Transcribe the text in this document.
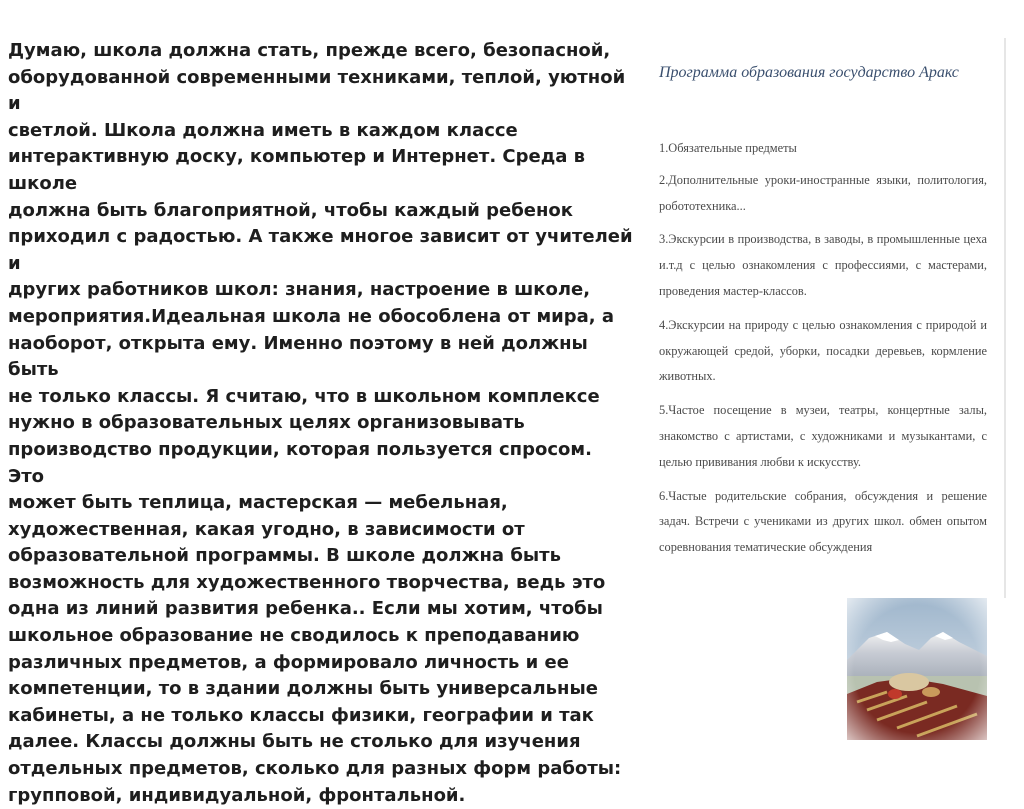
Думаю, школа должна стать, прежде всего, безопасной,
оборудованной современными техниками, теплой, уютной и
светлой. Школа должна иметь в каждом классе
интерактивную доску, компьютер и Интернет. Среда в школе
должна быть благоприятной, чтобы каждый ребенок
приходил с радостью. А также многое зависит от учителей и
других работников школ: знания, настроение в школе,
мероприятия.Идеальная школа не обособлена от мира, а
наоборот, открыта ему. Именно поэтому в ней должны быть
не только классы. Я считаю, что в школьном комплексе
нужно в образовательных целях организовывать
производство продукции, которая пользуется спросом. Это
может быть теплица, мастерская — мебельная,
художественная, какая угодно, в зависимости от
образовательной программы. В школе должна быть
возможность для художественного творчества, ведь это
одна из линий развития ребенка.. Если мы хотим, чтобы
школьное образование не сводилось к преподаванию
различных предметов, а формировало личность и ее
компетенции, то в здании должны быть универсальные
кабинеты, а не только классы физики, географии и так
далее. Классы должны быть не столько для изучения
отдельных предметов, сколько для разных форм работы:
групповой, индивидуальной, фронтальной.

Программа образования государство Аракс

1.Обязательные предметы
2.Дополнительные уроки-иностранные языки, политология, робототехника...
3.Экскурсии в производства, в заводы, в промышленные цеха и.т.д с целью ознакомления с профессиями, с мастерами, проведения мастер-классов.
4.Экскурсии на природу с целью ознакомления с природой и окружающей средой, уборки, посадки деревьев, кормление животных.
5.Частое посещение в музеи, театры, концертные залы, знакомство с артистами, с художниками и музыкантами, с целью прививания любви к искусству.
6.Частые родительские собрания, обсуждения и решение задач. Встречи с учениками из других школ. обмен опытом соревнования тематические обсуждения
